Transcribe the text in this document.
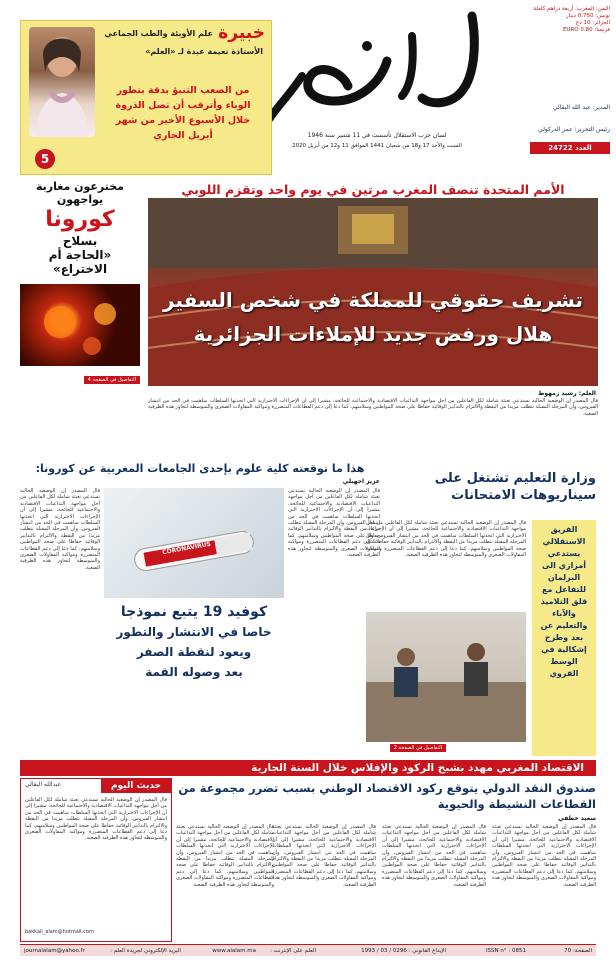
الثمن: المغرب: أربعة دراهم كاملة
تونس: 0,750 دينار
الجزائر: 10 دج
فرنسا: 0.80 EURO
المدير: عبد الله البقالي
رئيس التحرير: عمر الدركولي
العدد 24722
لسان حزب الاستقلال تأسست في 11 شتنبر سنة 1946
السبت والأحد 17 و18 من شعبان 1441 الموافق 11 و12 من أبريل 2020
خبيرة
علم الأوبئة والطب الجماعي
الأستاذة نعيمة عبدة لـ «العلم»
من الصعب التنبؤ بدقة بتطور الوباء وأترقب أن نصل الذروة خلال الأسبوع الأخير من شهر أبريل الجاري
5
مخترعون مغاربة
يواجهون
كورونا
بسلاح
«الحاجة أم
الاختراع»
التفاصيل في الصفحة 4
الأمم المتحدة تنصف المغرب مرتين في يوم واحد وتقزم اللوبي
تشريف حقوقي للمملكة في شخص السفير
هلال ورفض جديد للإملاءات الجزائرية
العلم: رشيد زمهوط
قال المصدر إن الوضعية الحالية تستدعي تعبئة شاملة لكل الفاعلين من أجل مواجهة التداعيات الاقتصادية والاجتماعية للجائحة، مشيرا إلى أن الإجراءات الاحترازية التي اتخذتها السلطات ساهمت في الحد من انتشار الفيروس، وأن المرحلة المقبلة تتطلب مزيدا من اليقظة والالتزام بالتدابير الوقائية حفاظا على صحة المواطنين وسلامتهم، كما دعا إلى دعم القطاعات المتضررة ومواكبة المقاولات الصغرى والمتوسطة لتجاوز هذه الظرفية الصعبة.
وزارة التعليم تشتغل على سيناريوهات الامتحانات
الفريق الاستقلالي يستدعي أمزازي الى البرلمان للتفاعل مع قلق التلاميذ والآباء والتعليم عن بعد وطرح إشكالية في الوسط القروي
قال المصدر إن الوضعية الحالية تستدعي تعبئة شاملة لكل الفاعلين من أجل مواجهة التداعيات الاقتصادية والاجتماعية للجائحة، مشيرا إلى أن الإجراءات الاحترازية التي اتخذتها السلطات ساهمت في الحد من انتشار الفيروس، وأن المرحلة المقبلة تتطلب مزيدا من اليقظة والالتزام بالتدابير الوقائية حفاظا على صحة المواطنين وسلامتهم، كما دعا إلى دعم القطاعات المتضررة ومواكبة المقاولات الصغرى والمتوسطة لتجاوز هذه الظرفية الصعبة.
التفاصيل في الصفحة 2
هذا ما توقعته كلية علوم بإحدى الجامعات المغربية عن كورونا:
عزيز اجهبلي
قال المصدر إن الوضعية الحالية تستدعي تعبئة شاملة لكل الفاعلين من أجل مواجهة التداعيات الاقتصادية والاجتماعية للجائحة، مشيرا إلى أن الإجراءات الاحترازية التي اتخذتها السلطات ساهمت في الحد من انتشار الفيروس، وأن المرحلة المقبلة تتطلب مزيدا من اليقظة والالتزام بالتدابير الوقائية حفاظا على صحة المواطنين وسلامتهم، كما دعا إلى دعم القطاعات المتضررة ومواكبة المقاولات الصغرى والمتوسطة لتجاوز هذه الظرفية الصعبة.
قال المصدر إن الوضعية الحالية تستدعي تعبئة شاملة لكل الفاعلين من أجل مواجهة التداعيات الاقتصادية والاجتماعية للجائحة، مشيرا إلى أن الإجراءات الاحترازية التي اتخذتها السلطات ساهمت في الحد من انتشار الفيروس، وأن المرحلة المقبلة تتطلب مزيدا من اليقظة والالتزام بالتدابير الوقائية حفاظا على صحة المواطنين وسلامتهم، كما دعا إلى دعم القطاعات المتضررة ومواكبة المقاولات الصغرى والمتوسطة لتجاوز هذه الظرفية الصعبة.
CORONAVIRUS
كوفيد 19 يتبع نموذجا
خاصا في الانتشار والتطور
ويعود لنقطة الصفر
بعد وصوله القمة
الاقتصاد المغربي مهدد بشبح الركود والإفلاس خلال السنة الجارية
صندوق النقد الدولي يتوقع ركود الاقتصاد الوطني بسبب تضرر مجموعة من القطاعات النشيطة والحيوية
سعيد خطفي
قال المصدر إن الوضعية الحالية تستدعي تعبئة شاملة لكل الفاعلين من أجل مواجهة التداعيات الاقتصادية والاجتماعية للجائحة، مشيرا إلى أن الإجراءات الاحترازية التي اتخذتها السلطات ساهمت في الحد من انتشار الفيروس، وأن المرحلة المقبلة تتطلب مزيدا من اليقظة والالتزام بالتدابير الوقائية حفاظا على صحة المواطنين وسلامتهم، كما دعا إلى دعم القطاعات المتضررة ومواكبة المقاولات الصغرى والمتوسطة لتجاوز هذه الظرفية الصعبة.
قال المصدر إن الوضعية الحالية تستدعي تعبئة شاملة لكل الفاعلين من أجل مواجهة التداعيات الاقتصادية والاجتماعية للجائحة، مشيرا إلى أن الإجراءات الاحترازية التي اتخذتها السلطات ساهمت في الحد من انتشار الفيروس، وأن المرحلة المقبلة تتطلب مزيدا من اليقظة والالتزام بالتدابير الوقائية حفاظا على صحة المواطنين وسلامتهم، كما دعا إلى دعم القطاعات المتضررة ومواكبة المقاولات الصغرى والمتوسطة لتجاوز هذه الظرفية الصعبة.
قال المصدر إن الوضعية الحالية تستدعي تعبئة شاملة لكل الفاعلين من أجل مواجهة التداعيات الاقتصادية والاجتماعية للجائحة، مشيرا إلى أن الإجراءات الاحترازية التي اتخذتها السلطات ساهمت في الحد من انتشار الفيروس، وأن المرحلة المقبلة تتطلب مزيدا من اليقظة والالتزام بالتدابير الوقائية حفاظا على صحة المواطنين وسلامتهم، كما دعا إلى دعم القطاعات المتضررة ومواكبة المقاولات الصغرى والمتوسطة لتجاوز هذه الظرفية الصعبة.
قال المصدر إن الوضعية الحالية تستدعي تعبئة شاملة لكل الفاعلين من أجل مواجهة التداعيات الاقتصادية والاجتماعية للجائحة، مشيرا إلى أن الإجراءات الاحترازية التي اتخذتها السلطات ساهمت في الحد من انتشار الفيروس، وأن المرحلة المقبلة تتطلب مزيدا من اليقظة والالتزام بالتدابير الوقائية حفاظا على صحة المواطنين وسلامتهم، كما دعا إلى دعم القطاعات المتضررة ومواكبة المقاولات الصغرى والمتوسطة لتجاوز هذه الظرفية الصعبة.
حديث اليوم
عبدالله البقالي
قال المصدر إن الوضعية الحالية تستدعي تعبئة شاملة لكل الفاعلين من أجل مواجهة التداعيات الاقتصادية والاجتماعية للجائحة، مشيرا إلى أن الإجراءات الاحترازية التي اتخذتها السلطات ساهمت في الحد من انتشار الفيروس، وأن المرحلة المقبلة تتطلب مزيدا من اليقظة والالتزام بالتدابير الوقائية حفاظا على صحة المواطنين وسلامتهم، كما دعا إلى دعم القطاعات المتضررة ومواكبة المقاولات الصغرى والمتوسطة لتجاوز هذه الظرفية الصعبة.
bakkali_alam@hotmail.com
الصفحة: 70
ISSN n° : 0851
الإيداع القانوني : 0296 / 03 / 1993
العلم على الإنترنت :
www.alalam.ma
البريد الإلكتروني لجريدة العلم :
journalalam@yahoo.fr
